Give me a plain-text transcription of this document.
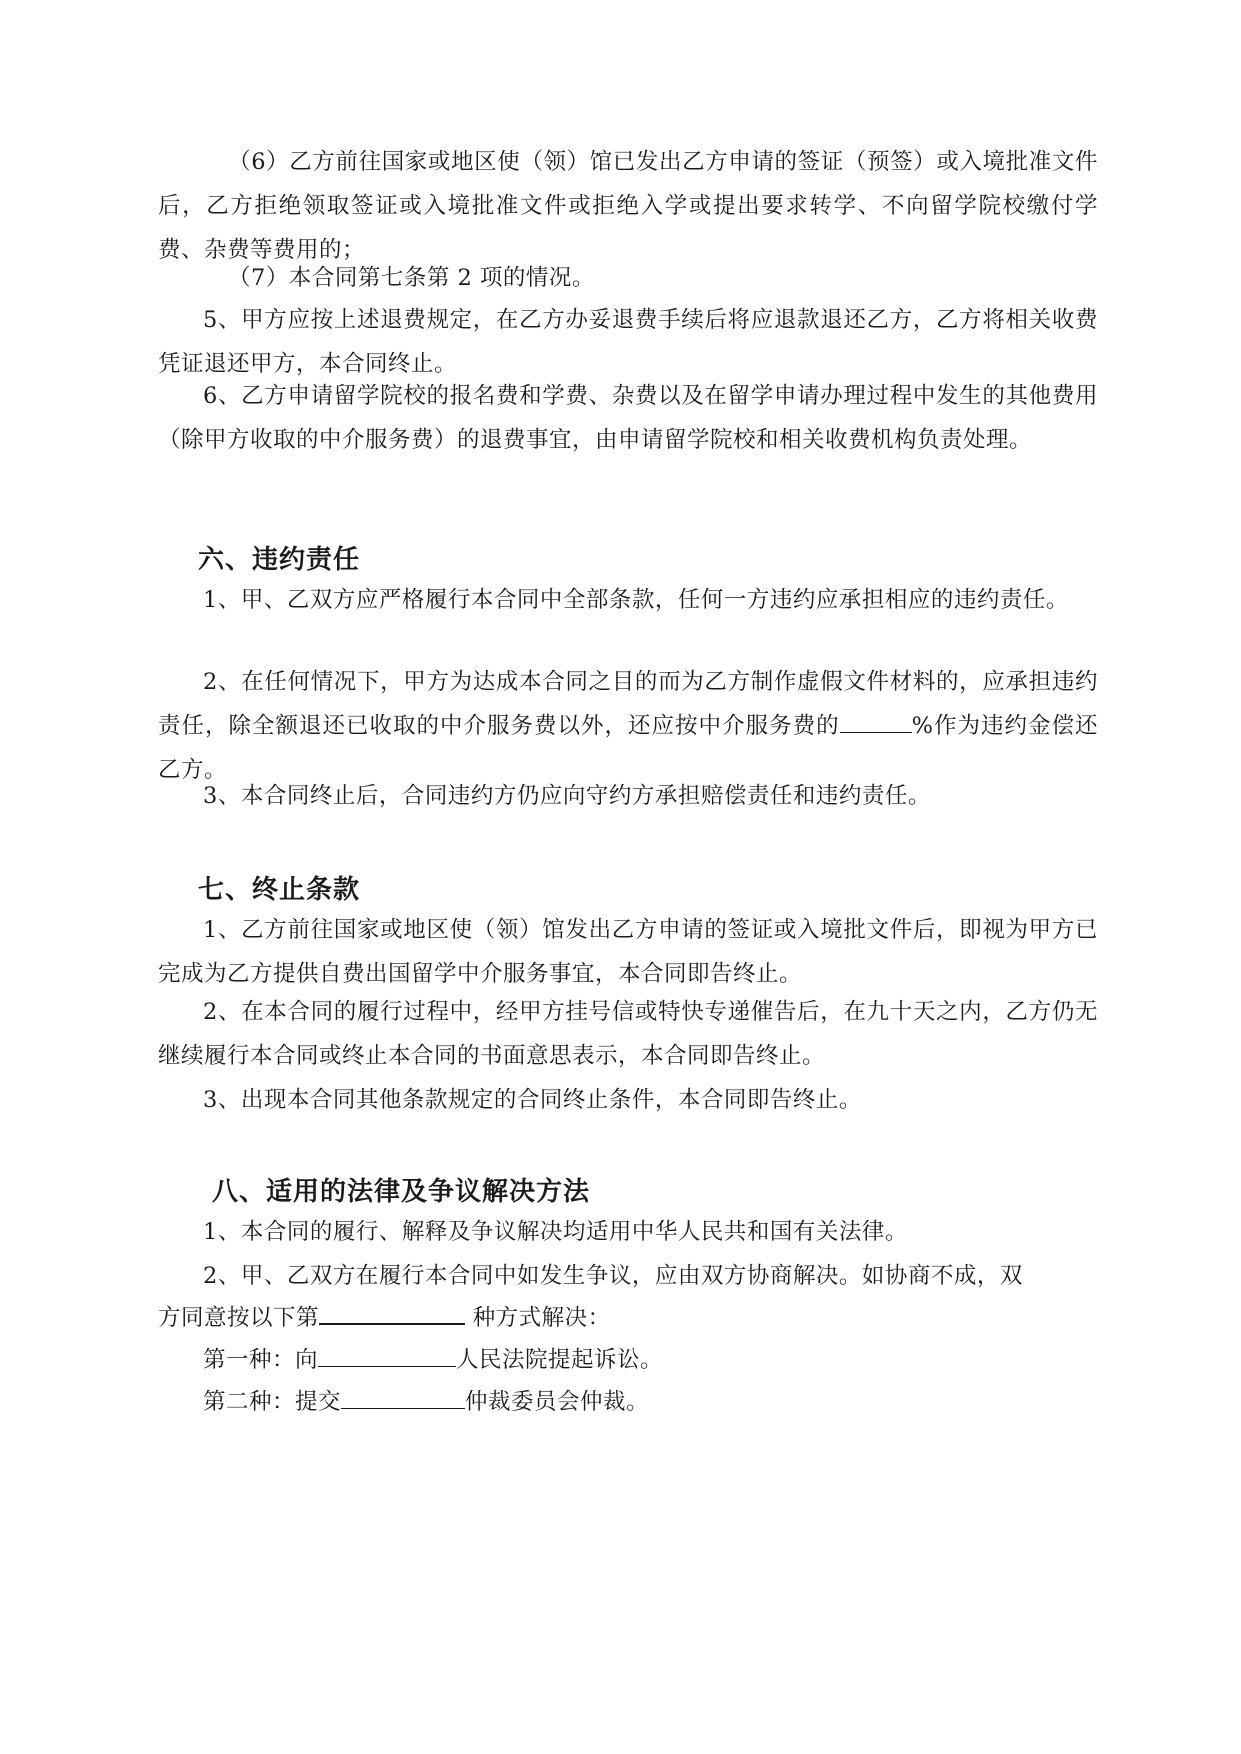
（6）乙方前往国家或地区使（领）馆已发出乙方申请的签证（预签）或入境批准文件后，乙方拒绝领取签证或入境批准文件或拒绝入学或提出要求转学、不向留学院校缴付学费、杂费等费用的；

（7）本合同第七条第 2 项的情况。

5、甲方应按上述退费规定，在乙方办妥退费手续后将应退款退还乙方，乙方将相关收费凭证退还甲方，本合同终止。

6、乙方申请留学院校的报名费和学费、杂费以及在留学申请办理过程中发生的其他费用（除甲方收取的中介服务费）的退费事宜，由申请留学院校和相关收费机构负责处理。

六、违约责任

1、甲、乙双方应严格履行本合同中全部条款，任何一方违约应承担相应的违约责任。

2、在任何情况下，甲方为达成本合同之目的而为乙方制作虚假文件材料的，应承担违约责任，除全额退还已收取的中介服务费以外，还应按中介服务费的	%作为违约金偿还乙方。

3、本合同终止后，合同违约方仍应向守约方承担赔偿责任和违约责任。

七、终止条款

1、乙方前往国家或地区使（领）馆发出乙方申请的签证或入境批文件后，即视为甲方已完成为乙方提供自费出国留学中介服务事宜，本合同即告终止。

2、在本合同的履行过程中，经甲方挂号信或特快专递催告后，在九十天之内，乙方仍无继续履行本合同或终止本合同的书面意思表示，本合同即告终止。

3、出现本合同其他条款规定的合同终止条件，本合同即告终止。

八、适用的法律及争议解决方法

1、本合同的履行、解释及争议解决均适用中华人民共和国有关法律。

2、甲、乙双方在履行本合同中如发生争议，应由双方协商解决。如协商不成，双

方同意按以下第	种方式解决：

第一种：向	人民法院提起诉讼。

第二种：提交	仲裁委员会仲裁。
